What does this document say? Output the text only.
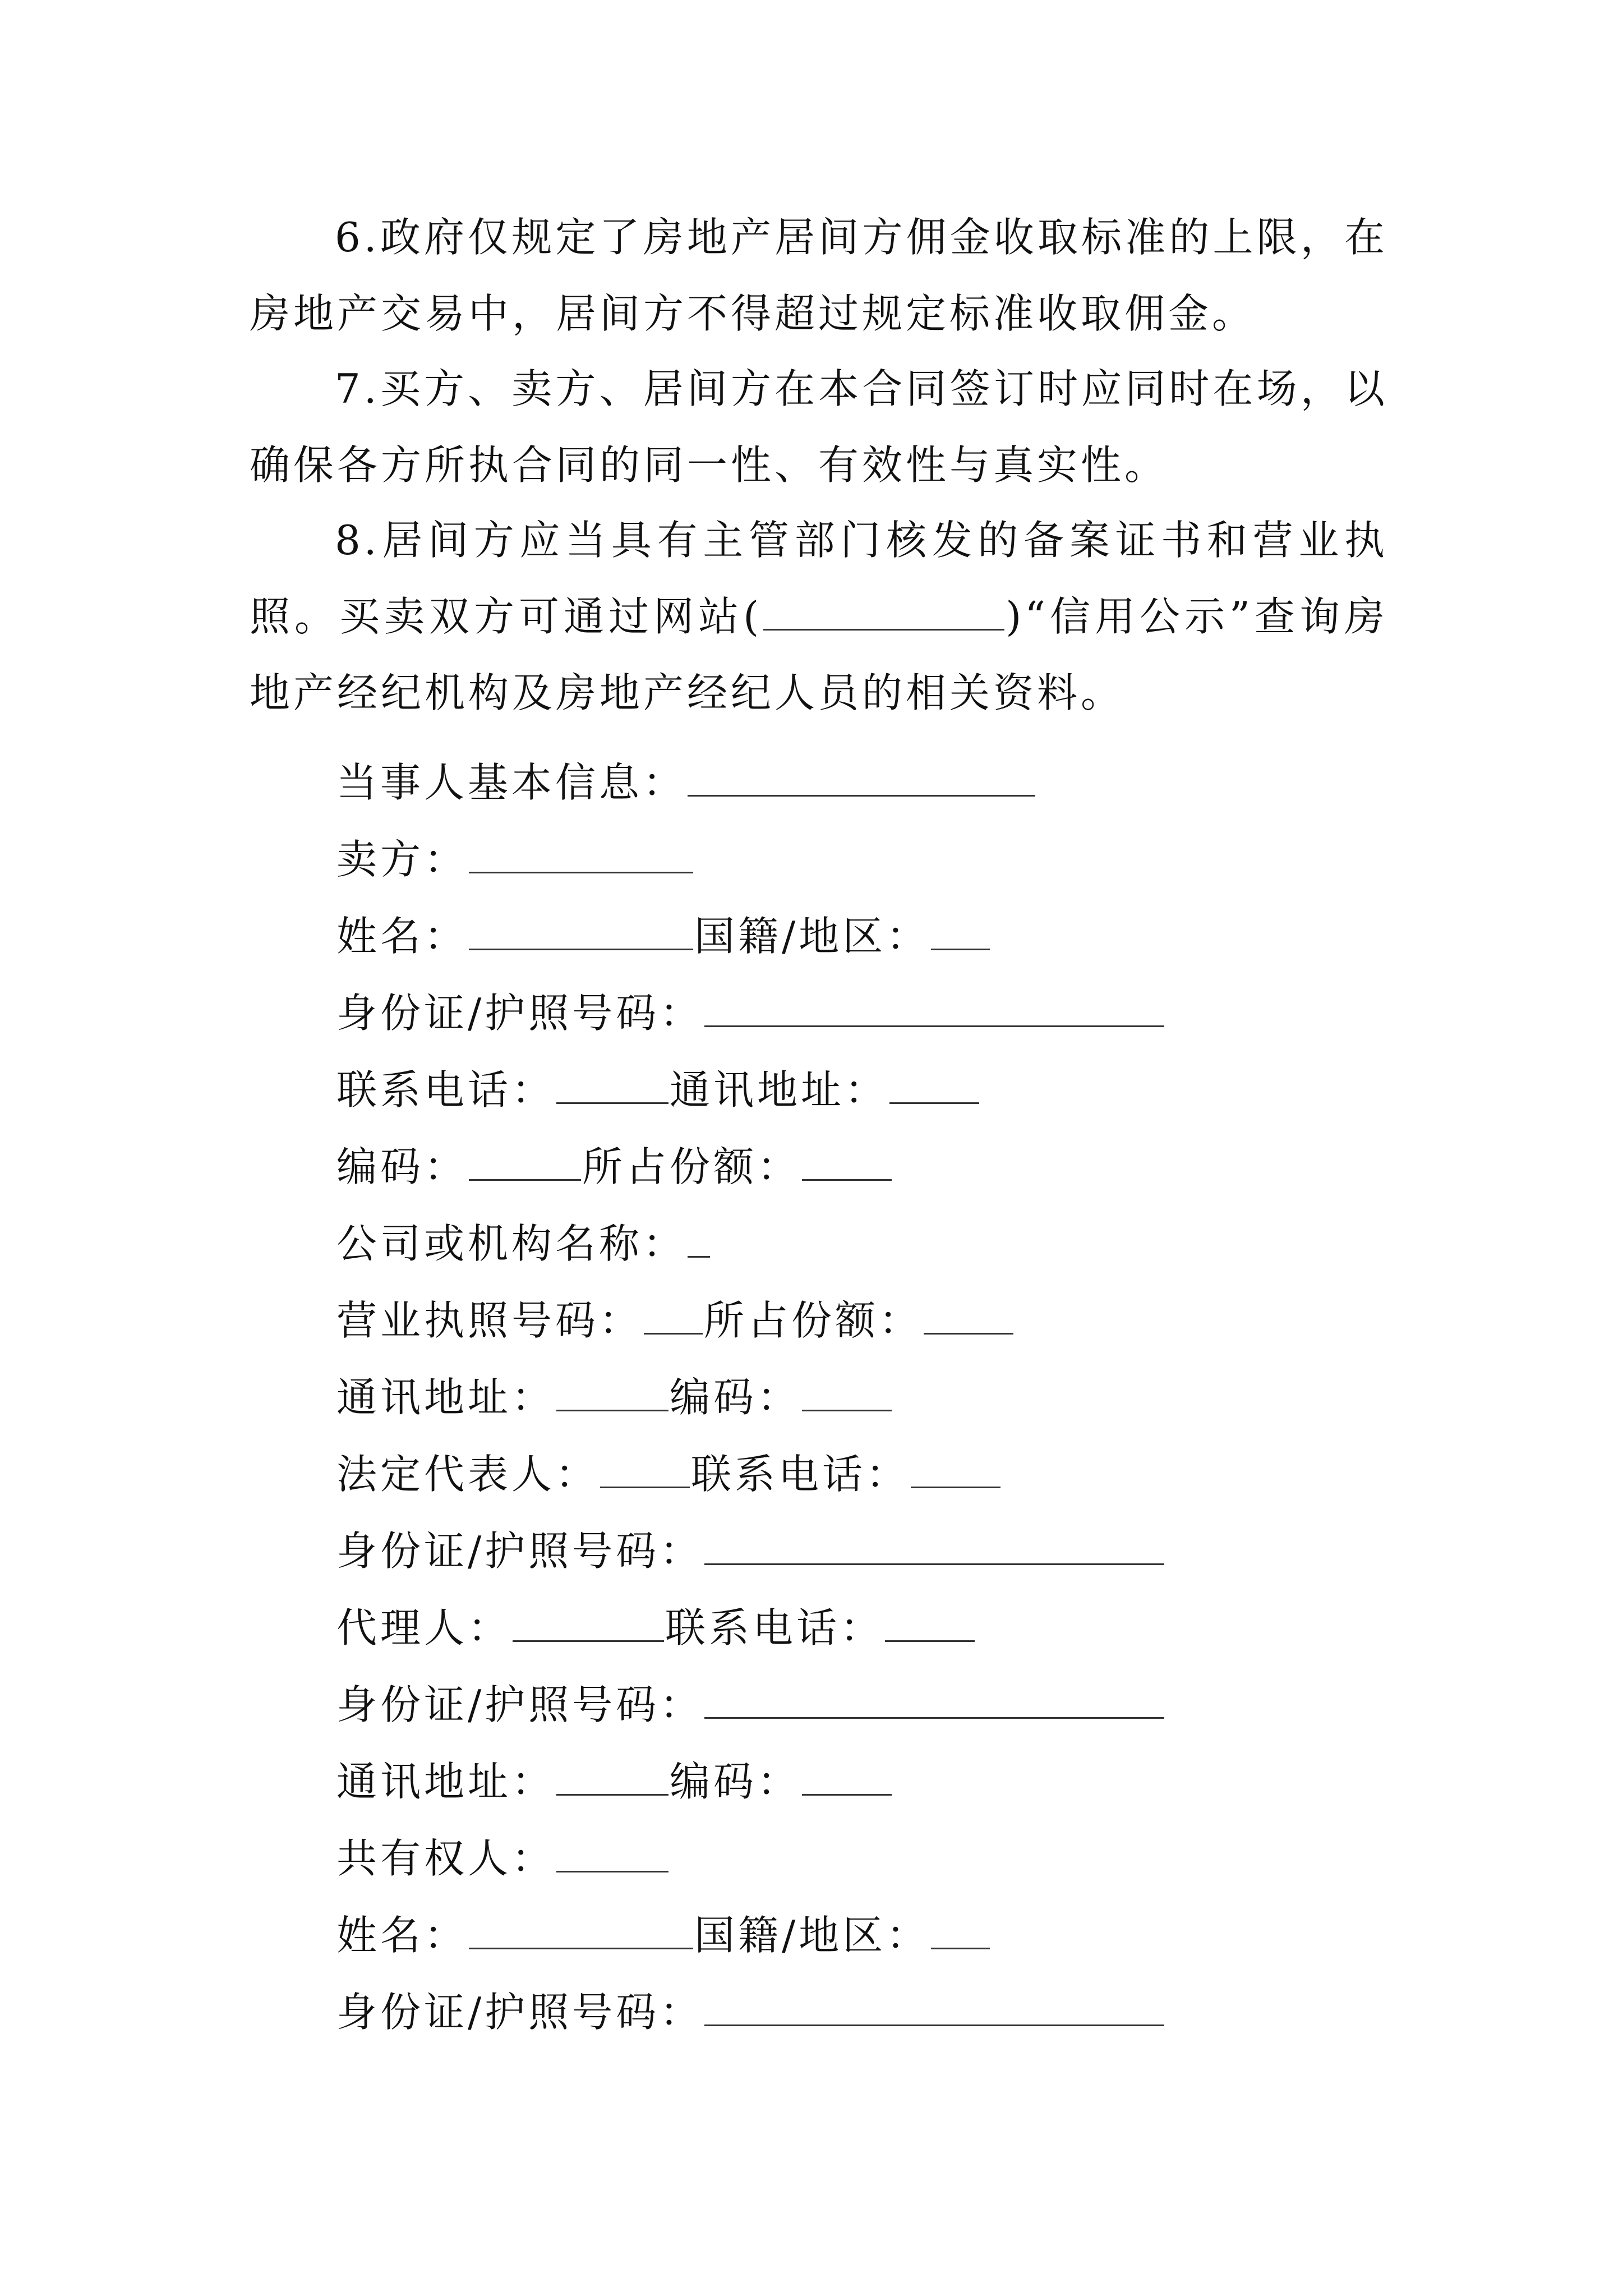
6.政府仅规定了房地产居间方佣金收取标准的上限，在房地产交易中，居间方不得超过规定标准收取佣金。

7.买方、卖方、居间方在本合同签订时应同时在场，以确保各方所执合同的同一性、有效性与真实性。

8.居间方应当具有主管部门核发的备案证书和营业执照。买卖双方可通过网站(	)“信用公示”查询房地产经纪机构及房地产经纪人员的相关资料。

当事人基本信息：
卖方：
姓名：	国籍/地区：
身份证/护照号码：
联系电话：	通讯地址：
编码：	所占份额：
公司或机构名称：
营业执照号码： 所占份额：
通讯地址：	编码：
法定代表人： 联系电话：
身份证/护照号码：
代理人：	联系电话：
身份证/护照号码：
通讯地址：	编码：
共有权人：
姓名：	国籍/地区：
身份证/护照号码：
